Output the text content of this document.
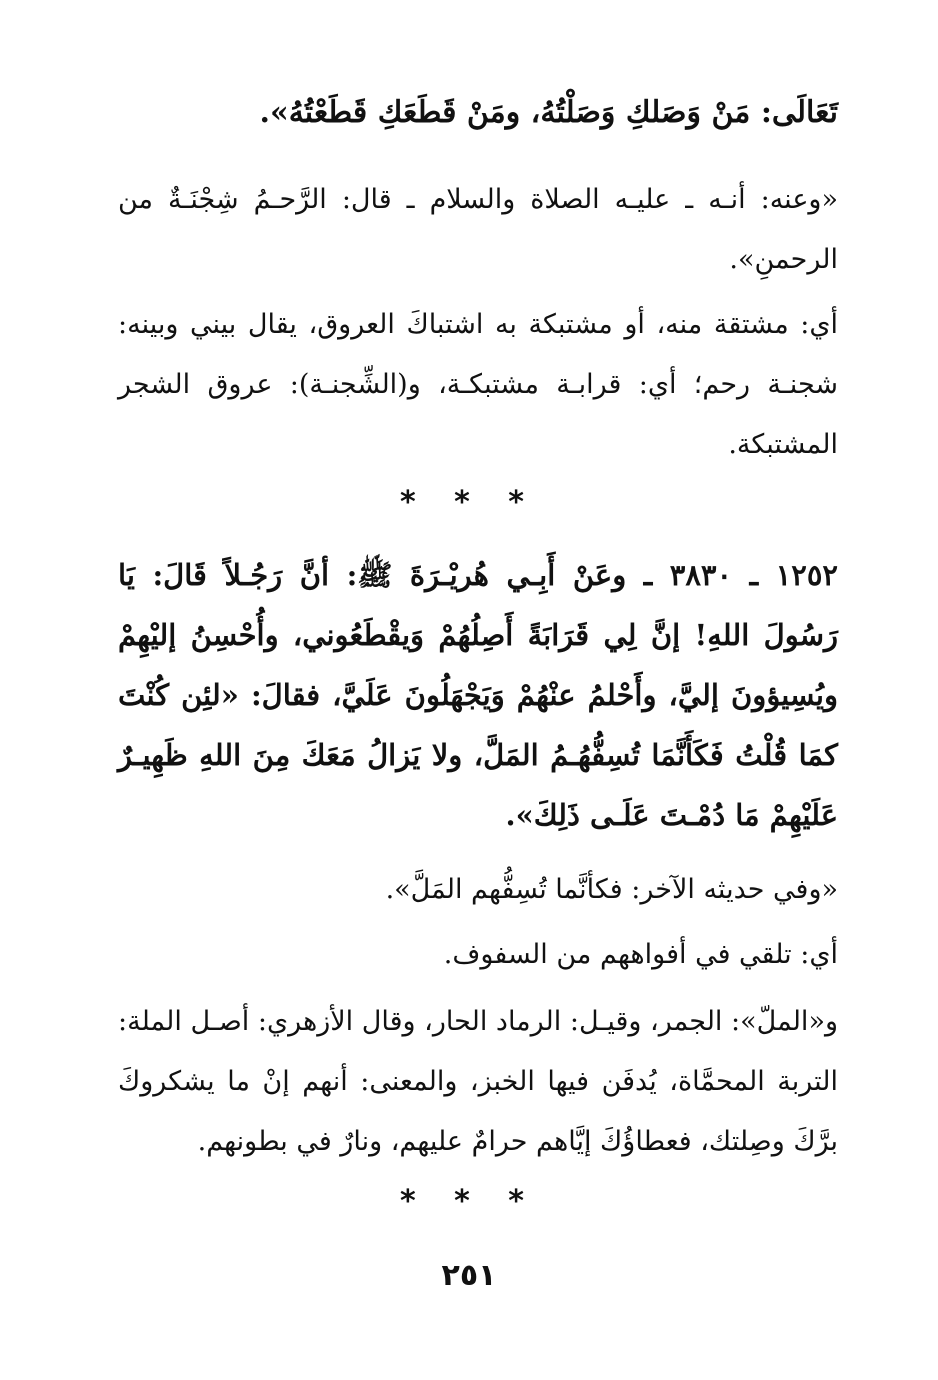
تَعَالَى: مَنْ وَصَلكِ وَصَلْتُهُ، ومَنْ قَطَعَكِ قَطَعْتُهُ».
«وعنه: أنـه ـ عليـه الصلاة والسلام ـ قال: الرَّحـمُ شِجْنَـةٌ من الرحمنِ».
أي: مشتقة منه، أو مشتبكة به اشتباكَ العروق، يقال بيني وبينه: شجنـة رحم؛ أي: قرابـة مشتبكـة، و(الشِّجنـة): عروق الشجر المشتبكة.
* * *
١٢٥٢ ـ ٣٨٣٠ ـ وعَنْ أَبِـي هُريْـرَةَ ﷺ: أنَّ رَجُـلاً قَالَ: يَا رَسُولَ اللهِ! إنَّ لِي قَرَابَةً أَصِلُهُمْ وَيقْطَعُوني، وأُحْسِنُ إليْهِمْ ويُسِيؤونَ إليَّ، وأَحْلمُ عنْهُمْ وَيَجْهَلُونَ عَلَيَّ، فقالَ: «لئِن كُنْتَ كمَا قُلْتُ فَكَأَنَّمَا تُسِفُّهُـمُ المَلَّ، ولا يَزالُ مَعَكَ مِنَ اللهِ ظَهِيـرٌ عَلَيْهِمْ مَا دُمْـتَ عَلَـى ذَلِكَ».
«وفي حديثه الآخر: فكأنَّما تُسِفُّهم المَلَّ».
أي: تلقي في أفواههم من السفوف.
و«الملّ»: الجمر، وقيـل: الرماد الحار، وقال الأزهري: أصـل الملة: التربة المحمَّاة، يُدفَن فيها الخبز، والمعنى: أنهم إنْ ما يشكروكَ برَّكَ وصِلتك، فعطاؤُكَ إيَّاهم حرامٌ عليهم، ونارٌ في بطونهم.
* * *
٢٥١
